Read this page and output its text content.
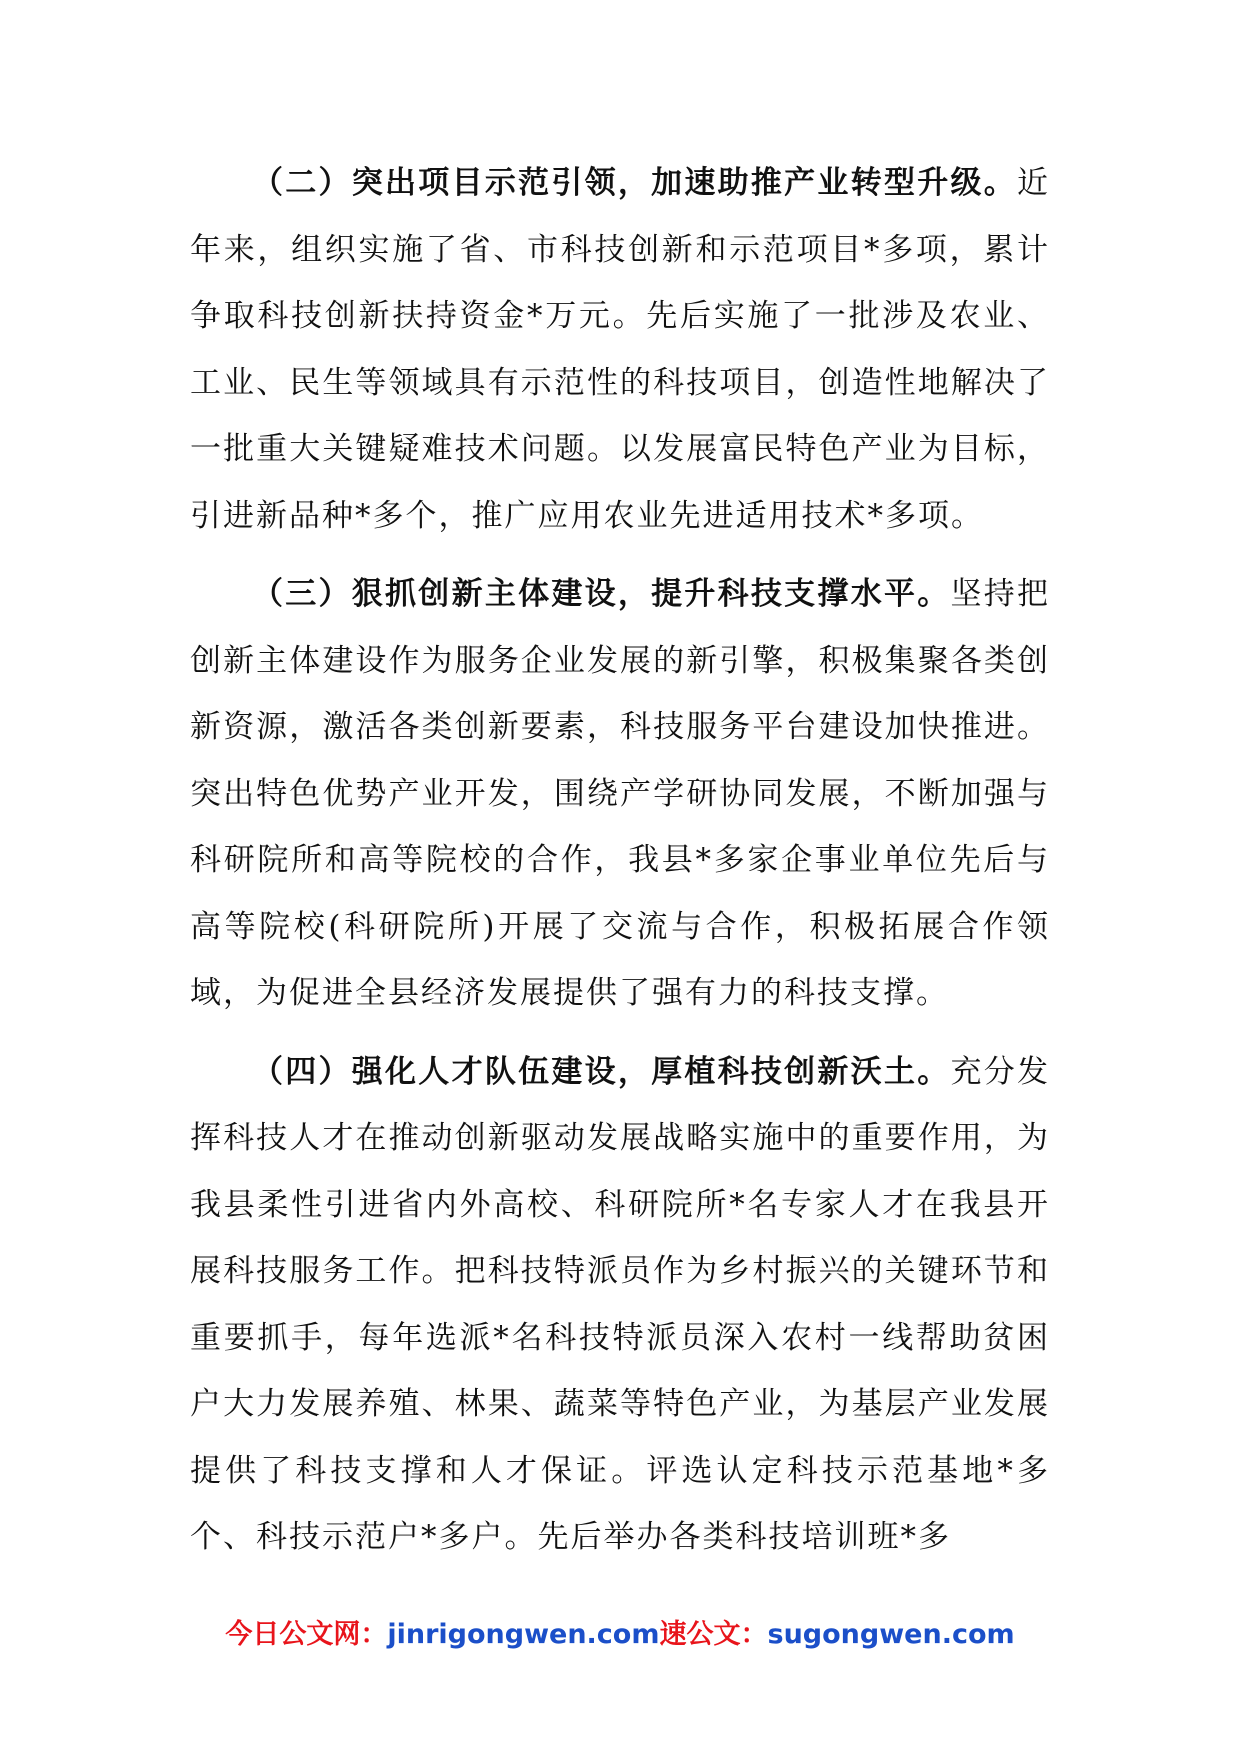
（二）突出项目示范引领，加速助推产业转型升级。近年来，组织实施了省、市科技创新和示范项目*多项，累计争取科技创新扶持资金*万元。先后实施了一批涉及农业、工业、民生等领域具有示范性的科技项目，创造性地解决了一批重大关键疑难技术问题。以发展富民特色产业为目标，引进新品种*多个，推广应用农业先进适用技术*多项。

（三）狠抓创新主体建设，提升科技支撑水平。坚持把创新主体建设作为服务企业发展的新引擎，积极集聚各类创新资源，激活各类创新要素，科技服务平台建设加快推进。突出特色优势产业开发，围绕产学研协同发展，不断加强与科研院所和高等院校的合作，我县*多家企事业单位先后与高等院校(科研院所)开展了交流与合作，积极拓展合作领域，为促进全县经济发展提供了强有力的科技支撑。

（四）强化人才队伍建设，厚植科技创新沃土。充分发挥科技人才在推动创新驱动发展战略实施中的重要作用，为我县柔性引进省内外高校、科研院所*名专家人才在我县开展科技服务工作。把科技特派员作为乡村振兴的关键环节和重要抓手，每年选派*名科技特派员深入农村一线帮助贫困户大力发展养殖、林果、蔬菜等特色产业，为基层产业发展提供了科技支撑和人才保证。评选认定科技示范基地*多个、科技示范户*多户。先后举办各类科技培训班*多

今日公文网：jinrigongwen.com速公文：sugongwen.com
